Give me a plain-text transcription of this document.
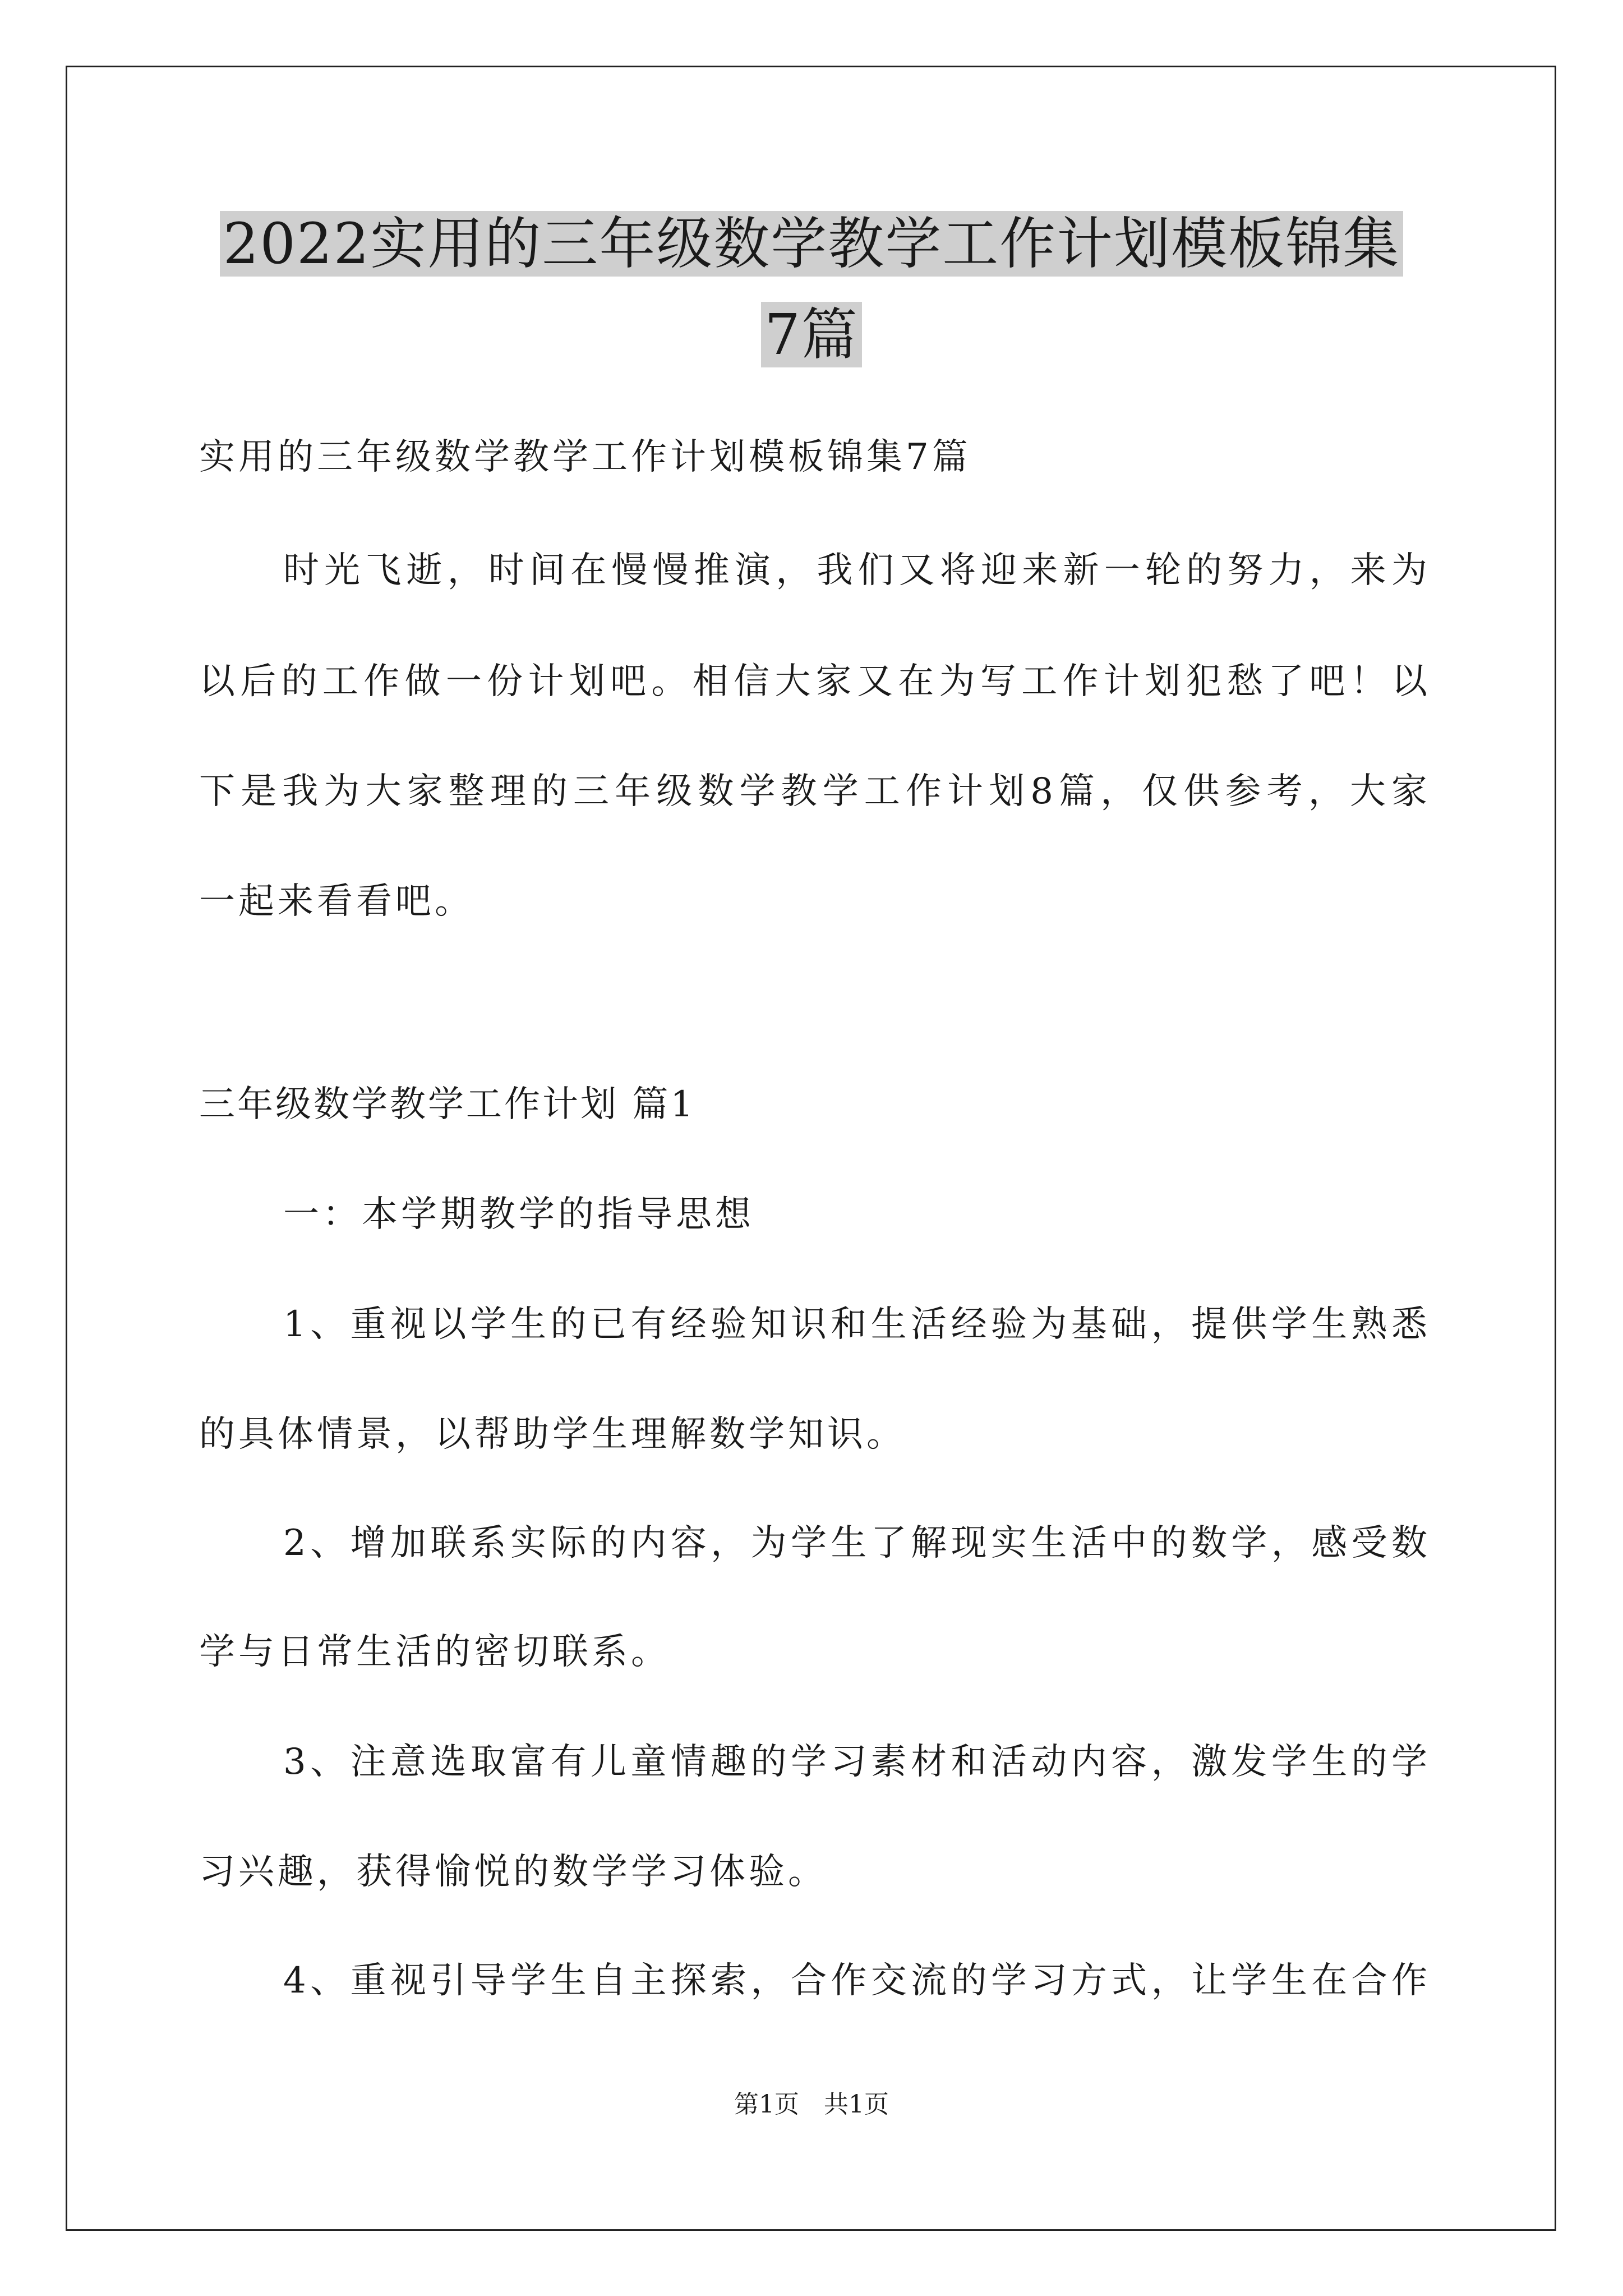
2022实用的三年级数学教学工作计划模板锦集
7篇
实用的三年级数学教学工作计划模板锦集7篇
时光飞逝，时间在慢慢推演，我们又将迎来新一轮的努力，来为
以后的工作做一份计划吧。相信大家又在为写工作计划犯愁了吧！以
下是我为大家整理的三年级数学教学工作计划8篇，仅供参考，大家
一起来看看吧。
三年级数学教学工作计划 篇1
一：本学期教学的指导思想
1、重视以学生的已有经验知识和生活经验为基础，提供学生熟悉
的具体情景，以帮助学生理解数学知识。
2、增加联系实际的内容，为学生了解现实生活中的数学，感受数
学与日常生活的密切联系。
3、注意选取富有儿童情趣的学习素材和活动内容，激发学生的学
习兴趣，获得愉悦的数学学习体验。
4、重视引导学生自主探索，合作交流的学习方式，让学生在合作
第1页　共1页
